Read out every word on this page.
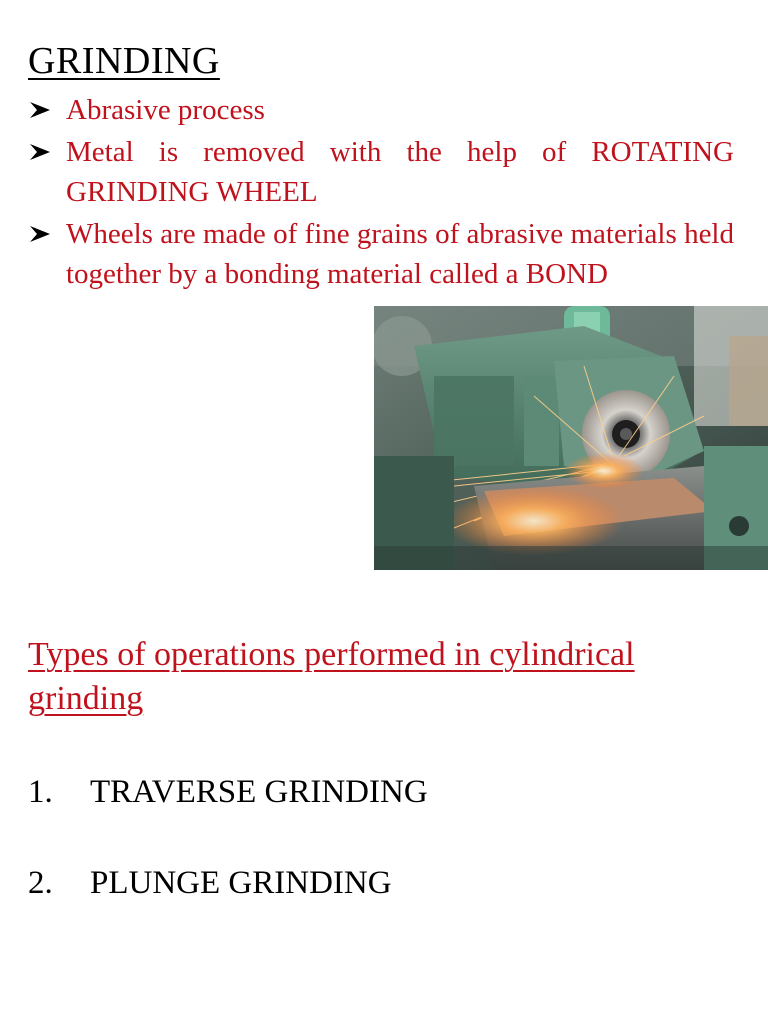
GRINDING
Abrasive process
Metal is removed with the help of ROTATING GRINDING WHEEL
Wheels are made of fine grains of abrasive materials held together by a bonding material called a BOND
Types of operations performed in cylindrical grinding
1.	TRAVERSE GRINDING
2.	PLUNGE GRINDING
